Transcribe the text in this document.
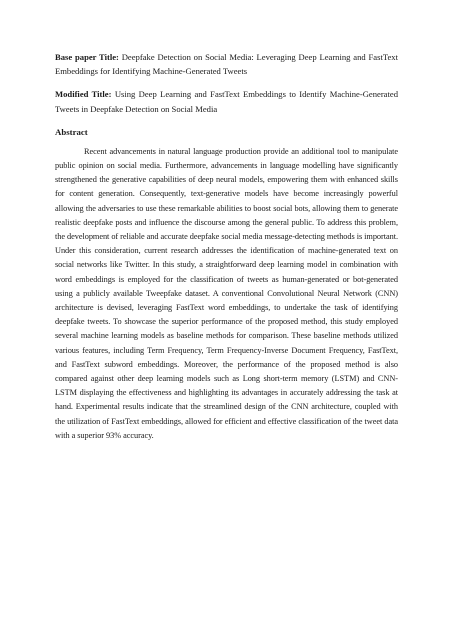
Base paper Title: Deepfake Detection on Social Media: Leveraging Deep Learning and FastText Embeddings for Identifying Machine-Generated Tweets

Modified Title: Using Deep Learning and FastText Embeddings to Identify Machine-Generated Tweets in Deepfake Detection on Social Media

Abstract

Recent advancements in natural language production provide an additional tool to manipulate public opinion on social media. Furthermore, advancements in language modelling have significantly strengthened the generative capabilities of deep neural models, empowering them with enhanced skills for content generation. Consequently, text-generative models have become increasingly powerful allowing the adversaries to use these remarkable abilities to boost social bots, allowing them to generate realistic deepfake posts and influence the discourse among the general public. To address this problem, the development of reliable and accurate deepfake social media message-detecting methods is important. Under this consideration, current research addresses the identification of machine-generated text on social networks like Twitter. In this study, a straightforward deep learning model in combination with word embeddings is employed for the classification of tweets as human-generated or bot-generated using a publicly available Tweepfake dataset. A conventional Convolutional Neural Network (CNN) architecture is devised, leveraging FastText word embeddings, to undertake the task of identifying deepfake tweets. To showcase the superior performance of the proposed method, this study employed several machine learning models as baseline methods for comparison. These baseline methods utilized various features, including Term Frequency, Term Frequency-Inverse Document Frequency, FastText, and FastText subword embeddings. Moreover, the performance of the proposed method is also compared against other deep learning models such as Long short-term memory (LSTM) and CNN-LSTM displaying the effectiveness and highlighting its advantages in accurately addressing the task at hand. Experimental results indicate that the streamlined design of the CNN architecture, coupled with the utilization of FastText embeddings, allowed for efficient and effective classification of the tweet data with a superior 93% accuracy.
